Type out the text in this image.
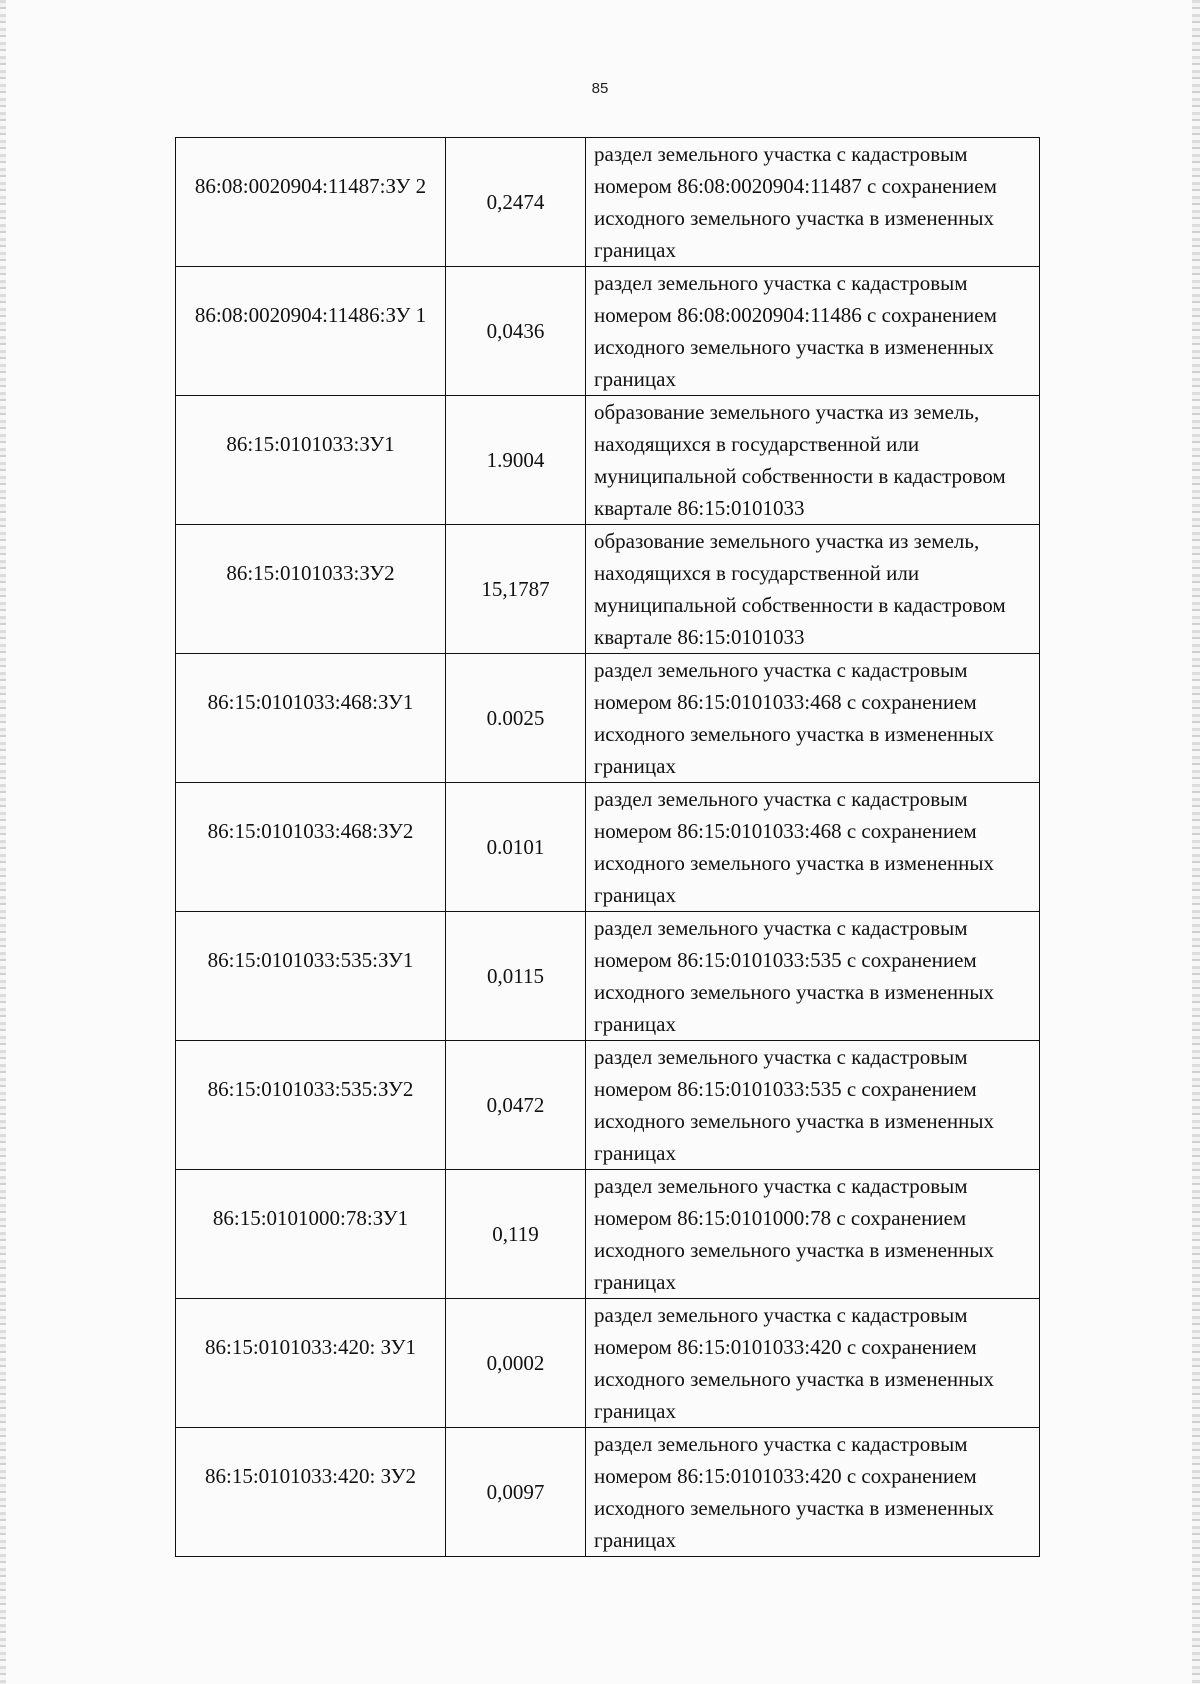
85
86:08:0020904:11487:ЗУ 2	0,2474	раздел земельного участка с кадастровым номером 86:08:0020904:11487 с сохранением исходного земельного участка в измененных границах

86:08:0020904:11486:ЗУ 1	0,0436	раздел земельного участка с кадастровым номером 86:08:0020904:11486 с сохранением исходного земельного участка в измененных границах

86:15:0101033:ЗУ1	1.9004	образование земельного участка из земель, находящихся в государственной или муниципальной собственности в кадастровом квартале 86:15:0101033

86:15:0101033:ЗУ2	15,1787	образование земельного участка из земель, находящихся в государственной или муниципальной собственности в кадастровом квартале 86:15:0101033

86:15:0101033:468:ЗУ1	0.0025	раздел земельного участка с кадастровым номером 86:15:0101033:468 с сохранением исходного земельного участка в измененных границах

86:15:0101033:468:ЗУ2	0.0101	раздел земельного участка с кадастровым номером 86:15:0101033:468 с сохранением исходного земельного участка в измененных границах

86:15:0101033:535:ЗУ1	0,0115	раздел земельного участка с кадастровым номером 86:15:0101033:535 с сохранением исходного земельного участка в измененных границах

86:15:0101033:535:ЗУ2	0,0472	раздел земельного участка с кадастровым номером 86:15:0101033:535 с сохранением исходного земельного участка в измененных границах

86:15:0101000:78:ЗУ1	0,119	раздел земельного участка с кадастровым номером 86:15:0101000:78 с сохранением исходного земельного участка в измененных границах

86:15:0101033:420: ЗУ1	0,0002	раздел земельного участка с кадастровым номером 86:15:0101033:420 с сохранением исходного земельного участка в измененных границах

86:15:0101033:420: ЗУ2	0,0097	раздел земельного участка с кадастровым номером 86:15:0101033:420 с сохранением исходного земельного участка в измененных границах
